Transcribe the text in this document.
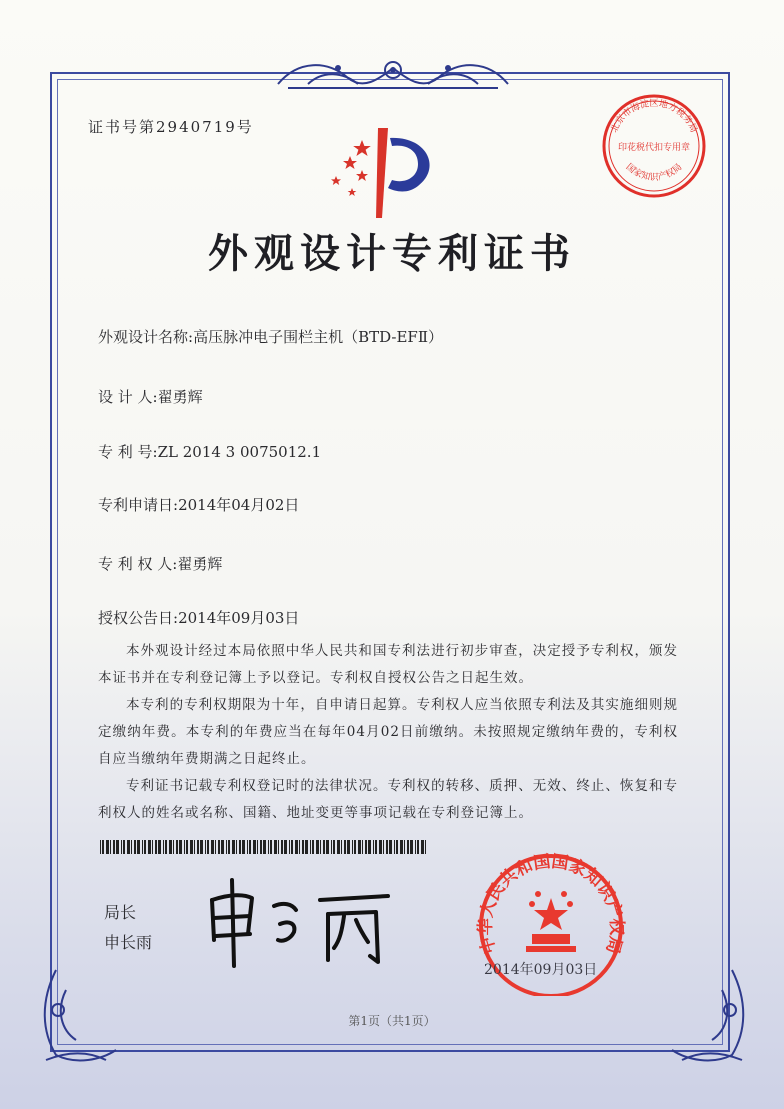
证书号第2940719号
外观设计专利证书
北京市海淀区地方税务局
国家知识产权局
印花税代扣专用章
外观设计名称:高压脉冲电子围栏主机（BTD-EFⅡ）
设 计 人:翟勇辉
专 利 号:ZL 2014 3 0075012.1
专利申请日:2014年04月02日
专 利 权 人:翟勇辉
授权公告日:2014年09月03日

本外观设计经过本局依照中华人民共和国专利法进行初步审查，决定授予专利权，颁发本证书并在专利登记簿上予以登记。专利权自授权公告之日起生效。

本专利的专利权期限为十年，自申请日起算。专利权人应当依照专利法及其实施细则规定缴纳年费。本专利的年费应当在每年04月02日前缴纳。未按照规定缴纳年费的，专利权自应当缴纳年费期满之日起终止。

专利证书记载专利权登记时的法律状况。专利权的转移、质押、无效、终止、恢复和专利权人的姓名或名称、国籍、地址变更等事项记载在专利登记簿上。

局长
申长雨	中华人民共和国国家知识产权局
2014年09月03日
第1页（共1页）
